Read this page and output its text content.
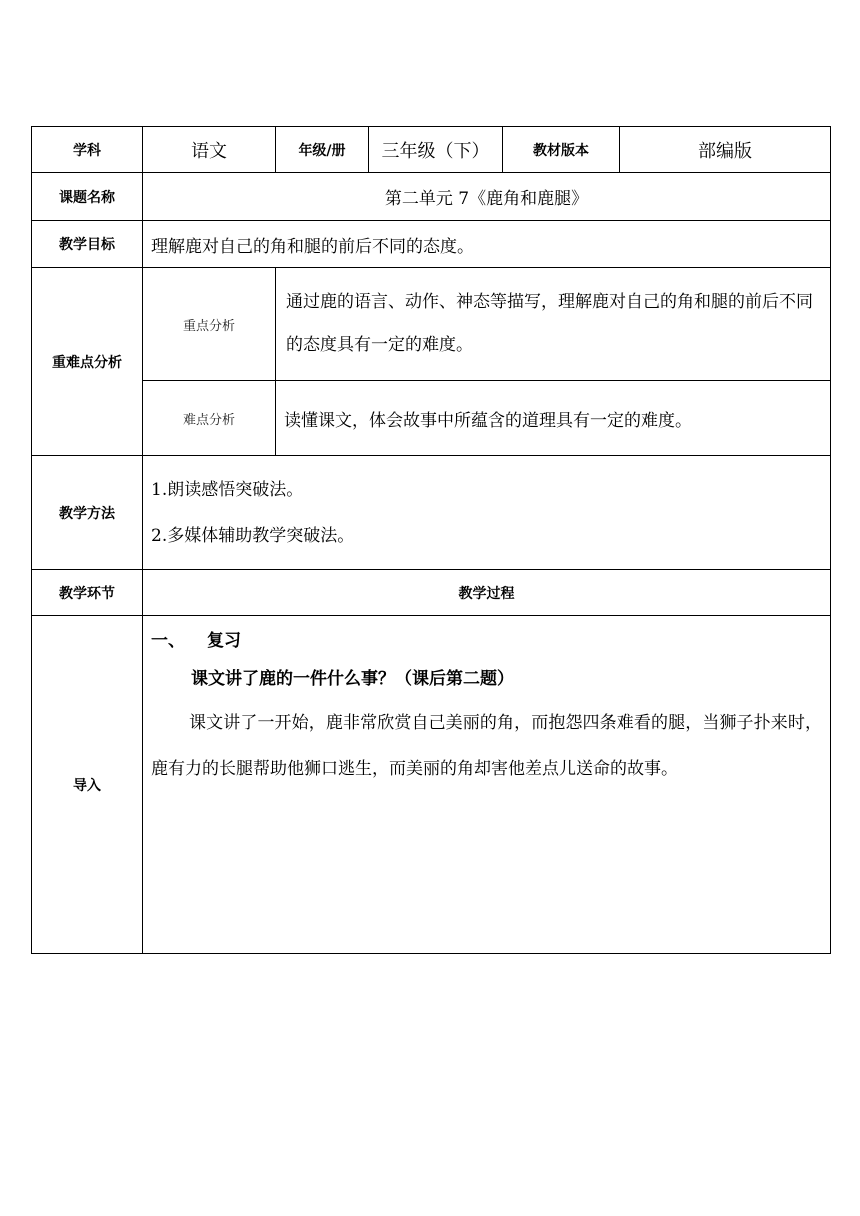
学科	语文	年级/册	三年级（下）	教材版本	部编版
课题名称	第二单元 7《鹿角和鹿腿》				
教学目标	理解鹿对自己的角和腿的前后不同的态度。				
重难点分析	重点分析	通过鹿的语言、动作、神态等描写，理解鹿对自己的角和腿的前后不同的态度具有一定的难度。			
	难点分析	读懂课文，体会故事中所蕴含的道理具有一定的难度。			
教学方法	1.朗读感悟突破法。

2.多媒体辅助教学突破法。				

教学环节	教学过程				
导入	一、 复习

课文讲了鹿的一件什么事？（课后第二题）

课文讲了一开始，鹿非常欣赏自己美丽的角，而抱怨四条难看的腿，当狮子扑来时，鹿有力的长腿帮助他狮口逃生，而美丽的角却害他差点儿送命的故事。				
